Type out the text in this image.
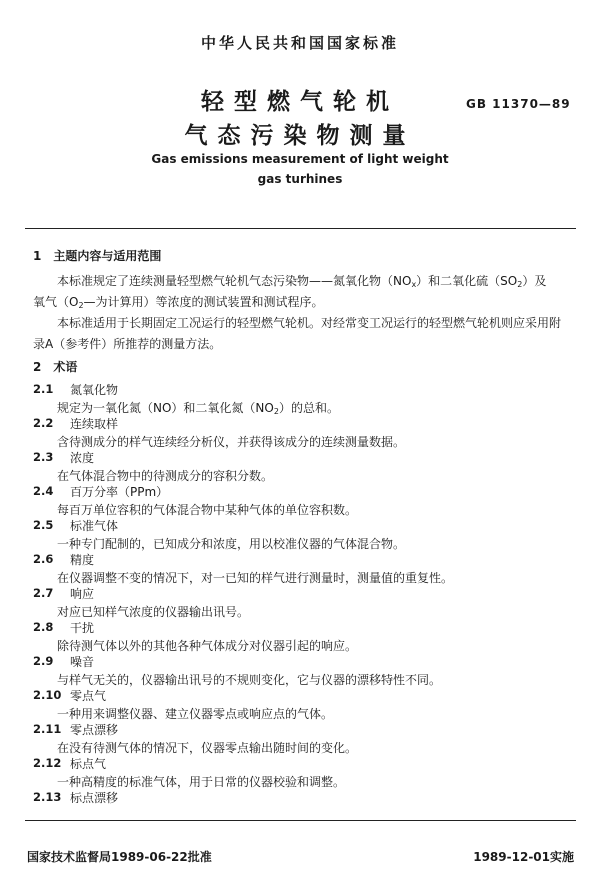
中华人民共和国国家标准
轻型燃气轮机
气态污染物测量
GB 11370—89
Gas emissions measurement of light weight
gas turhines
1　主题内容与适用范围
本标准规定了连续测量轻型燃气轮机气态污染物——氮氧化物$(NO_x)$和二氧化硫$(SO_2)$及
氧气（$O_2—$为计算用）等浓度的测试装置和测试程序。
本标准适用于长期固定工况运行的轻型燃气轮机。对经常变工况运行的轻型燃气轮机则应采用附
录A（参考件）所推荐的测量方法。
2　术语
国家技术监督局1989-06-22批准	1989-12-01实施
2.1 氮氧化物
规定为一氧化氮（NO）和二氧化氮$(NO_2)$的总和。
2.2 连续取样
含待测成分的样气连续经分析仪，并获得该成分的连续测量数据。
2.3 浓度
在气体混合物中的待测成分的容积分数。
2.4 百万分率（PPm）
每百万单位容积的气体混合物中某种气体的单位容积数。
2.5 标准气体
一种专门配制的，已知成分和浓度，用以校准仪器的气体混合物。
2.6 精度
在仪器调整不变的情况下，对一已知的样气进行测量时，测量值的重复性。
2.7 响应
对应已知样气浓度的仪器输出讯号。
2.8 干扰
除待测气体以外的其他各种气体成分对仪器引起的响应。
2.9 噪音
与样气无关的，仪器输出讯号的不规则变化，它与仪器的漂移特性不同。
2.10 零点气
一种用来调整仪器、建立仪器零点或响应点的气体。
2.11 零点漂移
在没有待测气体的情况下，仪器零点输出随时间的变化。
2.12 标点气
一种高精度的标准气体，用于日常的仪器校验和调整。
2.13 标点漂移
